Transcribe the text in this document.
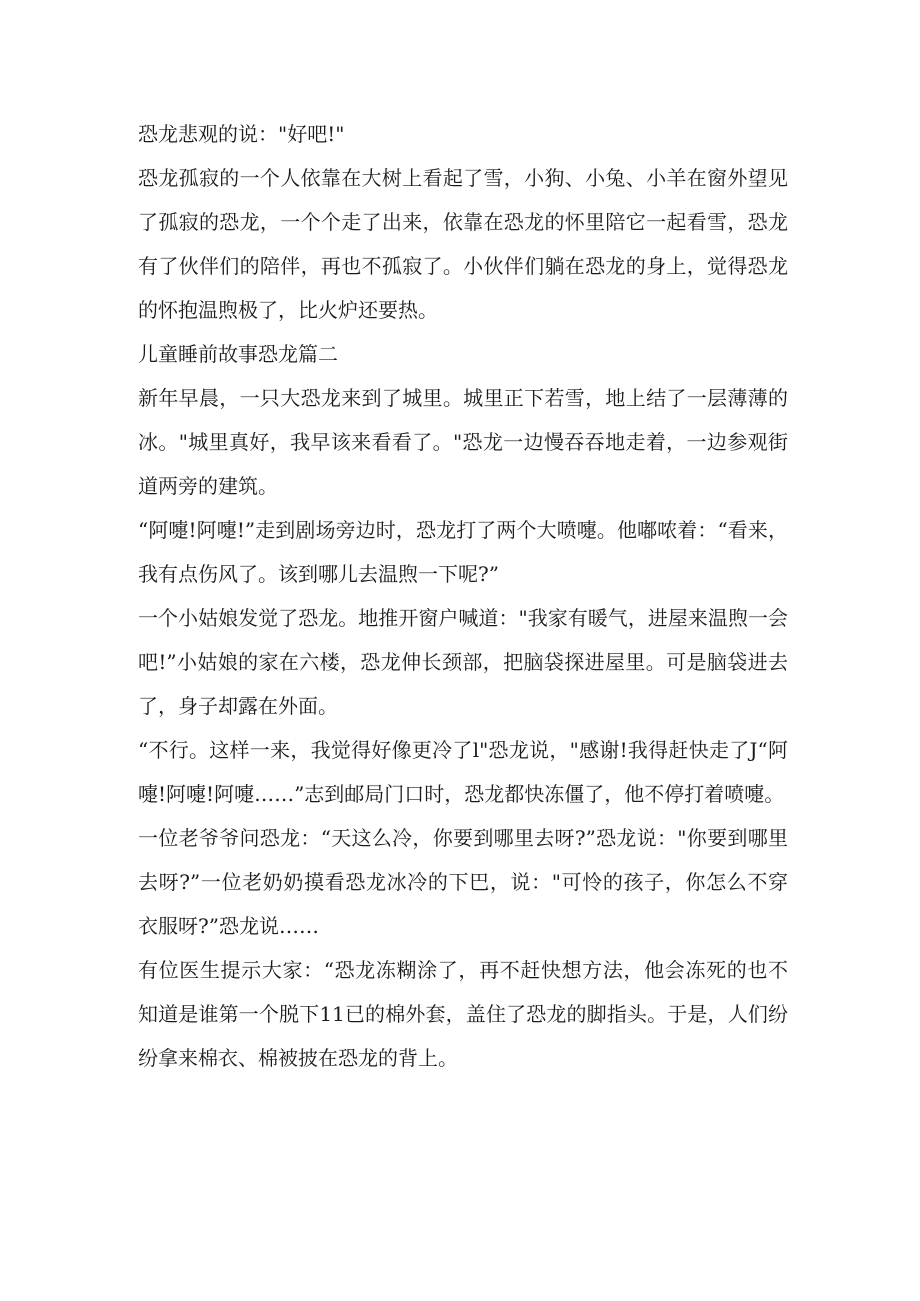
恐龙悲观的说："好吧!"

恐龙孤寂的一个人依靠在大树上看起了雪，小狗、小兔、小羊在窗外望见了孤寂的恐龙，一个个走了出来，依靠在恐龙的怀里陪它一起看雪，恐龙有了伙伴们的陪伴，再也不孤寂了。小伙伴们躺在恐龙的身上，觉得恐龙的怀抱温煦极了，比火炉还要热。

儿童睡前故事恐龙篇二

新年早晨，一只大恐龙来到了城里。城里正下若雪，地上结了一层薄薄的冰。"城里真好，我早该来看看了。"恐龙一边慢吞吞地走着，一边参观街道两旁的建筑。

“阿嚏!阿嚏!”走到剧场旁边时，恐龙打了两个大喷嚏。他嘟哝着：“看来，我有点伤风了。该到哪儿去温煦一下呢?”

一个小姑娘发觉了恐龙。地推开窗户喊道："我家有暖气，进屋来温煦一会吧!”小姑娘的家在六楼，恐龙伸长颈部，把脑袋探进屋里。可是脑袋进去了，身子却露在外面。

“不行。这样一来，我觉得好像更冷了l"恐龙说，"感谢!我得赶快走了J“阿嚏!阿嚏!阿嚏……”志到邮局门口时，恐龙都快冻僵了，他不停打着喷嚏。

一位老爷爷问恐龙：“天这么冷，你要到哪里去呀?”恐龙说："你要到哪里去呀?”一位老奶奶摸看恐龙冰冷的下巴，说："可怜的孩子，你怎么不穿衣服呀?”恐龙说……

有位医生提示大家：“恐龙冻糊涂了，再不赶快想方法，他会冻死的也不知道是谁第一个脱下11已的棉外套，盖住了恐龙的脚指头。于是，人们纷纷拿来棉衣、棉被披在恐龙的背上。
